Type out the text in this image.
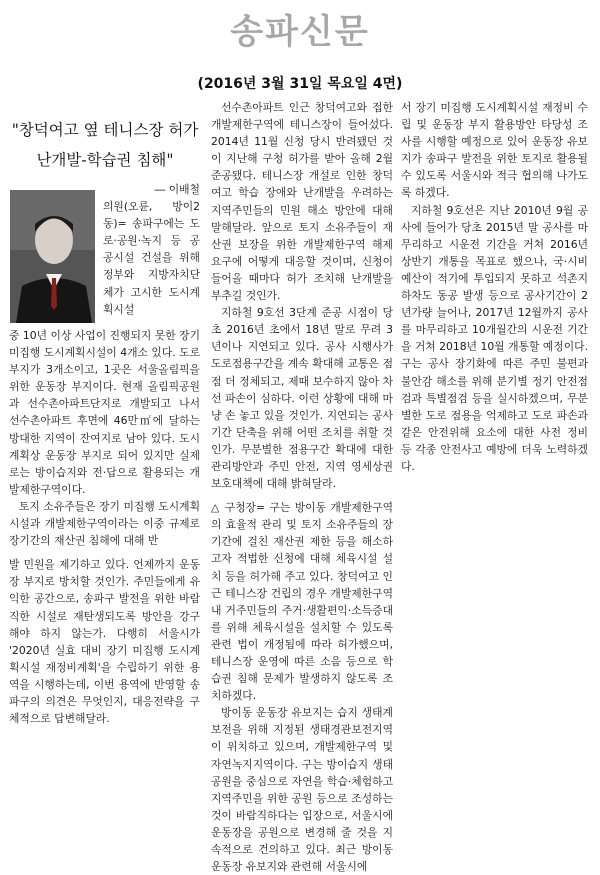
송파신문
(2016년 3월 31일 목요일 4면)
"창덕여고 옆 테니스장 허가
난개발-학습권 침해"

― 이배철

의원(오륜, 방이2동)= 송파구에는 도로·공원·녹지 등 공공시설 건설을 위해 정부와 지방자치단체가 고시한 도시계획시설

중 10년 이상 사업이 진행되지 못한 장기 미집행 도시계획시설이 4개소 있다. 도로부지가 3개소이고, 1곳은 서울올림픽을 위한 운동장 부지이다. 현재 올림픽공원과 선수촌아파트단지로 개발되고 나서 선수촌아파트 후면에 46만㎡에 달하는 방대한 지역이 잔여지로 남아 있다. 도시계획상 운동장 부지로 되어 있지만 실제로는 방이습지와 전·답으로 활용되는 개발제한구역이다.

토지 소유주들은 장기 미집행 도시계획시설과 개발제한구역이라는 이중 규제로 장기간의 재산권 침해에 대해 반

발 민원을 제기하고 있다. 언제까지 운동장 부지로 방치할 것인가. 주민들에게 유익한 공간으로, 송파구 발전을 위한 바람직한 시설로 재탄생되도록 방안을 강구해야 하지 않는가. 다행히 서울시가 '2020년 실효 대비 장기 미집행 도시계획시설 재정비계획'을 수립하기 위한 용역을 시행하는데, 이번 용역에 반영할 송파구의 의견은 무엇인지, 대응전략을 구체적으로 답변해달라.

선수촌아파트 인근 창덕여고와 접한 개발제한구역에 테니스장이 들어섰다. 2014년 11월 신청 당시 반려됐던 것이 지난해 구청 허가를 받아 올해 2월 준공됐다. 테니스장 개설로 인한 창덕여고 학습 장애와 난개발을 우려하는 지역주민들의 민원 해소 방안에 대해 말해달라. 앞으로 토지 소유주들이 재산권 보장을 위한 개발제한구역 해제 요구에 어떻게 대응할 것이며, 신청이 들어올 때마다 허가 조치해 난개발을 부추길 것인가.

지하철 9호선 3단계 준공 시점이 당초 2016년 초에서 18년 말로 무려 3년이나 지연되고 있다. 공사 시행사가 도로점용구간을 계속 확대해 교통은 점점 더 정체되고, 제때 보수하지 않아 차선 파손이 심하다. 이런 상황에 대해 마냥 손 놓고 있을 것인가. 지연되는 공사기간 단축을 위해 어떤 조치를 취할 것인가. 무분별한 점용구간 확대에 대한 관리방안과 주민 안전, 지역 영세상권 보호대책에 대해 밝혀달라.

△ 구청장= 구는 방이동 개발제한구역의 효율적 관리 및 토지 소유주들의 장기간에 걸친 재산권 제한 등을 해소하고자 적법한 신청에 대해 체육시설 설치 등을 허가해 주고 있다. 창덕여고 인근 테니스장 건립의 경우 개발제한구역 내 거주민들의 주거·생활편익·소득증대를 위해 체육시설을 설치할 수 있도록 관련 법이 개정됨에 따라 허가했으며, 테니스장 운영에 따른 소음 등으로 학습권 침해 문제가 발생하지 않도록 조치하겠다.

방이동 운동장 유보지는 습지 생태계 보전을 위해 지정된 생태경관보전지역이 위치하고 있으며, 개발제한구역 및 자연녹지지역이다. 구는 방이습지 생태공원을 중심으로 자연을 학습·체험하고 지역주민을 위한 공원 등으로 조성하는 것이 바람직하다는 입장으로, 서울시에 운동장을 공원으로 변경해 줄 것을 지속적으로 건의하고 있다. 최근 방이동 운동장 유보지와 관련해 서울시에

서 장기 미집행 도시계획시설 재정비 수립 및 운동장 부지 활용방안 타당성 조사를 시행할 예정으로 있어 운동장 유보지가 송파구 발전을 위한 토지로 활용될 수 있도록 서울시와 적극 협의해 나가도록 하겠다.

지하철 9호선은 지난 2010년 9월 공사에 들어가 당초 2015년 말 공사를 마무리하고 시운전 기간을 거쳐 2016년 상반기 개통을 목표로 했으나, 국·시비 예산이 적기에 투입되지 못하고 석촌지하차도 동공 발생 등으로 공사기간이 2년가량 늘어나, 2017년 12월까지 공사를 마무리하고 10개월간의 시운전 기간을 거쳐 2018년 10월 개통할 예정이다. 구는 공사 장기화에 따른 주민 불편과 불안감 해소를 위해 분기별 정기 안전점검과 특별점검 등을 실시하겠으며, 무분별한 도로 점용을 억제하고 도로 파손과 같은 안전위해 요소에 대한 사전 정비 등 각종 안전사고 예방에 더욱 노력하겠다.
